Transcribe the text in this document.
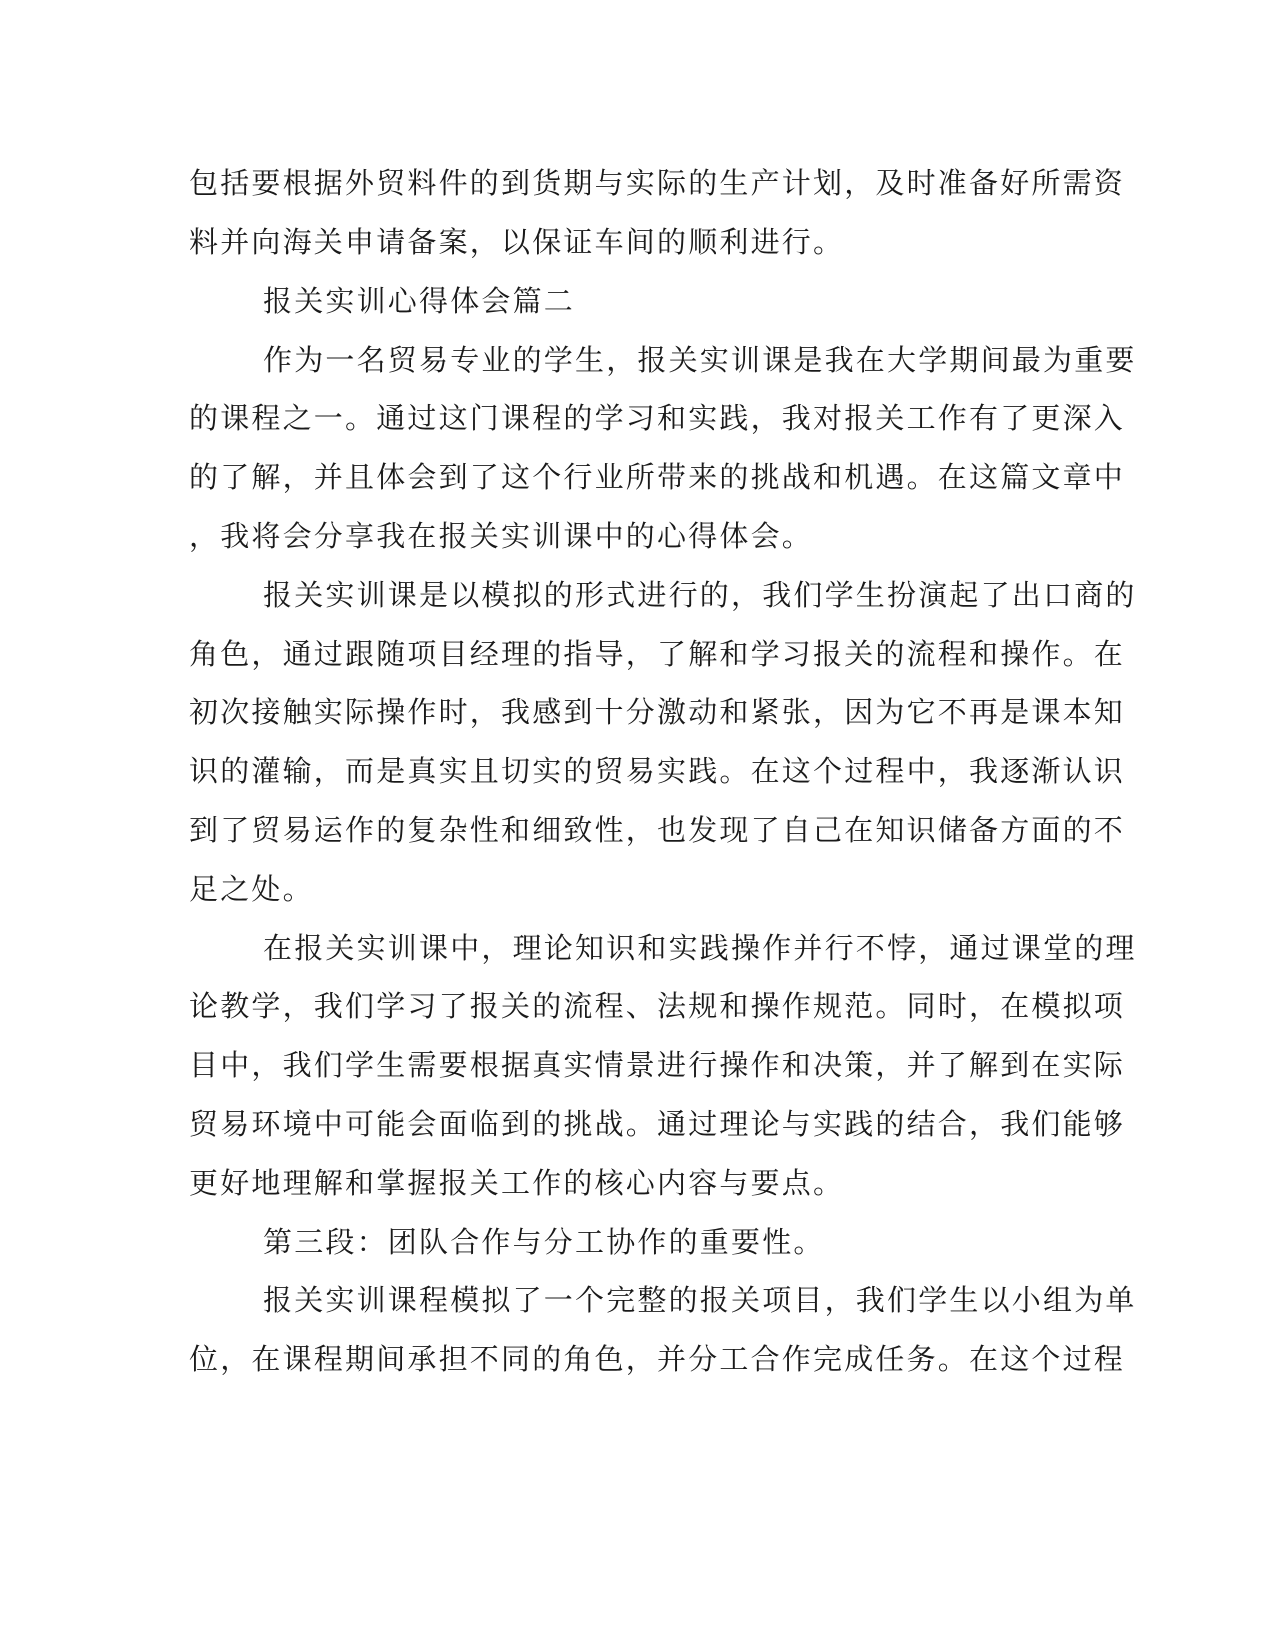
包括要根据外贸料件的到货期与实际的生产计划，及时准备好所需资
料并向海关申请备案，以保证车间的顺利进行。
报关实训心得体会篇二
作为一名贸易专业的学生，报关实训课是我在大学期间最为重要
的课程之一。通过这门课程的学习和实践，我对报关工作有了更深入
的了解，并且体会到了这个行业所带来的挑战和机遇。在这篇文章中
，我将会分享我在报关实训课中的心得体会。
报关实训课是以模拟的形式进行的，我们学生扮演起了出口商的
角色，通过跟随项目经理的指导，了解和学习报关的流程和操作。在
初次接触实际操作时，我感到十分激动和紧张，因为它不再是课本知
识的灌输，而是真实且切实的贸易实践。在这个过程中，我逐渐认识
到了贸易运作的复杂性和细致性，也发现了自己在知识储备方面的不
足之处。
在报关实训课中，理论知识和实践操作并行不悖，通过课堂的理
论教学，我们学习了报关的流程、法规和操作规范。同时，在模拟项
目中，我们学生需要根据真实情景进行操作和决策，并了解到在实际
贸易环境中可能会面临到的挑战。通过理论与实践的结合，我们能够
更好地理解和掌握报关工作的核心内容与要点。
第三段：团队合作与分工协作的重要性。
报关实训课程模拟了一个完整的报关项目，我们学生以小组为单
位，在课程期间承担不同的角色，并分工合作完成任务。在这个过程
